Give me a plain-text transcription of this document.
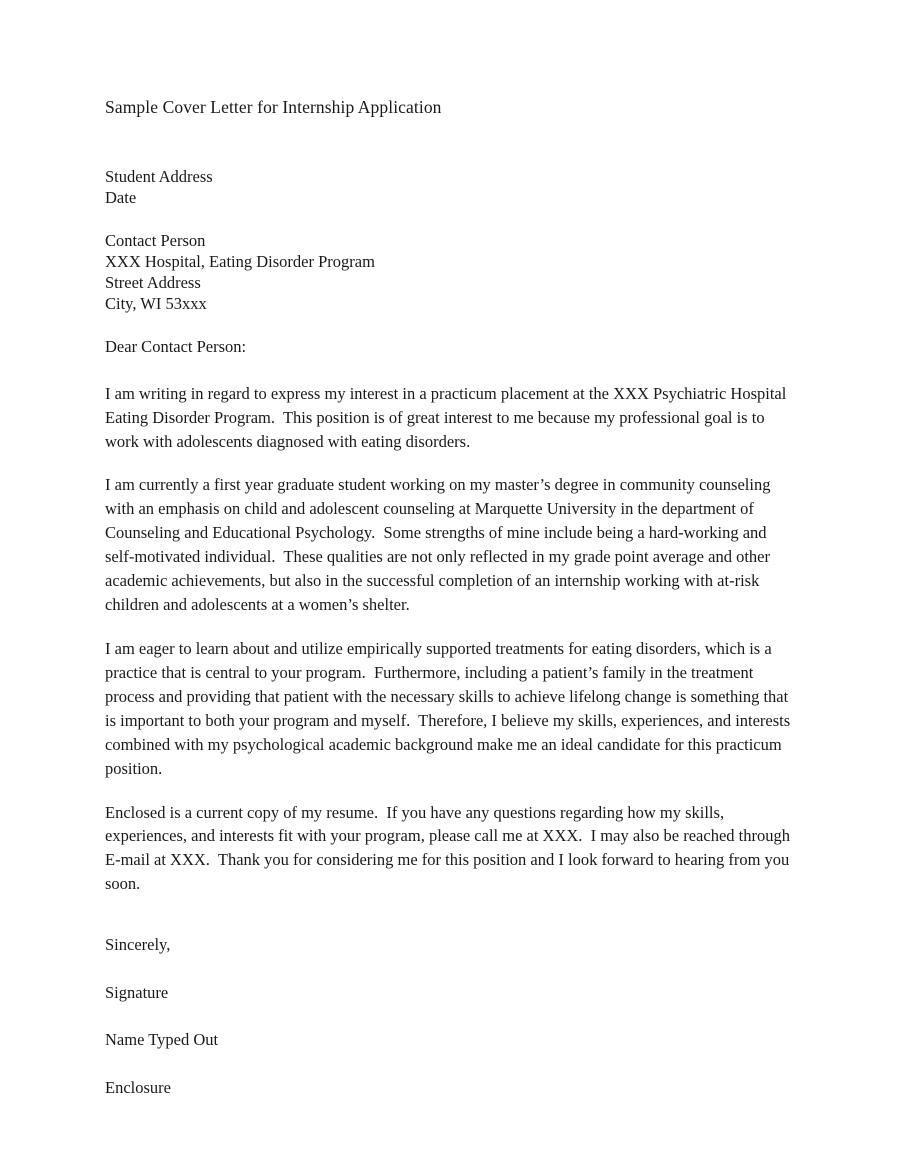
Sample Cover Letter for Internship Application
Student Address
Date
Contact Person
XXX Hospital, Eating Disorder Program
Street Address
City, WI 53xxx

Dear Contact Person:

I am writing in regard to express my interest in a practicum placement at the XXX Psychiatric Hospital Eating Disorder Program.  This position is of great interest to me because my professional goal is to work with adolescents diagnosed with eating disorders.

I am currently a first year graduate student working on my master’s degree in community counseling with an emphasis on child and adolescent counseling at Marquette University in the department of Counseling and Educational Psychology.  Some strengths of mine include being a hard-working and self-motivated individual.  These qualities are not only reflected in my grade point average and other academic achievements, but also in the successful completion of an internship working with at-risk children and adolescents at a women’s shelter.

I am eager to learn about and utilize empirically supported treatments for eating disorders, which is a practice that is central to your program.  Furthermore, including a patient’s family in the treatment process and providing that patient with the necessary skills to achieve lifelong change is something that is important to both your program and myself.  Therefore, I believe my skills, experiences, and interests combined with my psychological academic background make me an ideal candidate for this practicum position.

Enclosed is a current copy of my resume.  If you have any questions regarding how my skills, experiences, and interests fit with your program, please call me at XXX.  I may also be reached through E-mail at XXX.  Thank you for considering me for this position and I look forward to hearing from you soon.

Sincerely,

Signature

Name Typed Out

Enclosure
